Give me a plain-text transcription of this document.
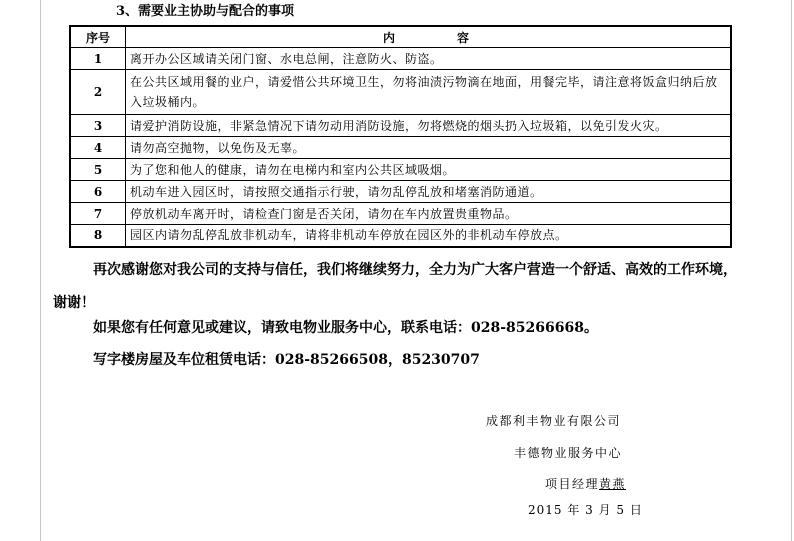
3、需要业主协助与配合的事项
序号	内容
1	离开办公区域请关闭门窗、水电总闸，注意防火、防盗。
2	在公共区域用餐的业户，请爱惜公共环境卫生，勿将油渍污物滴在地面，用餐完毕，请注意将饭盒归纳后放入垃圾桶内。
3	请爱护消防设施，非紧急情况下请勿动用消防设施，勿将燃烧的烟头扔入垃圾箱，以免引发火灾。
4	请勿高空抛物，以免伤及无辜。
5	为了您和他人的健康，请勿在电梯内和室内公共区域吸烟。
6	机动车进入园区时，请按照交通指示行驶，请勿乱停乱放和堵塞消防通道。
7	停放机动车离开时，请检查门窗是否关闭，请勿在车内放置贵重物品。
8	园区内请勿乱停乱放非机动车，请将非机动车停放在园区外的非机动车停放点。

再次感谢您对我公司的支持与信任，我们将继续努力，全力为广大客户营造一个舒适、高效的工作环境，谢谢！

如果您有任何意见或建议，请致电物业服务中心，联系电话：028-85266668。

写字楼房屋及车位租赁电话：028-85266508，85230707

成都利丰物业有限公司
丰德物业服务中心
项目经理黄燕
2015 年 3 月 5 日
